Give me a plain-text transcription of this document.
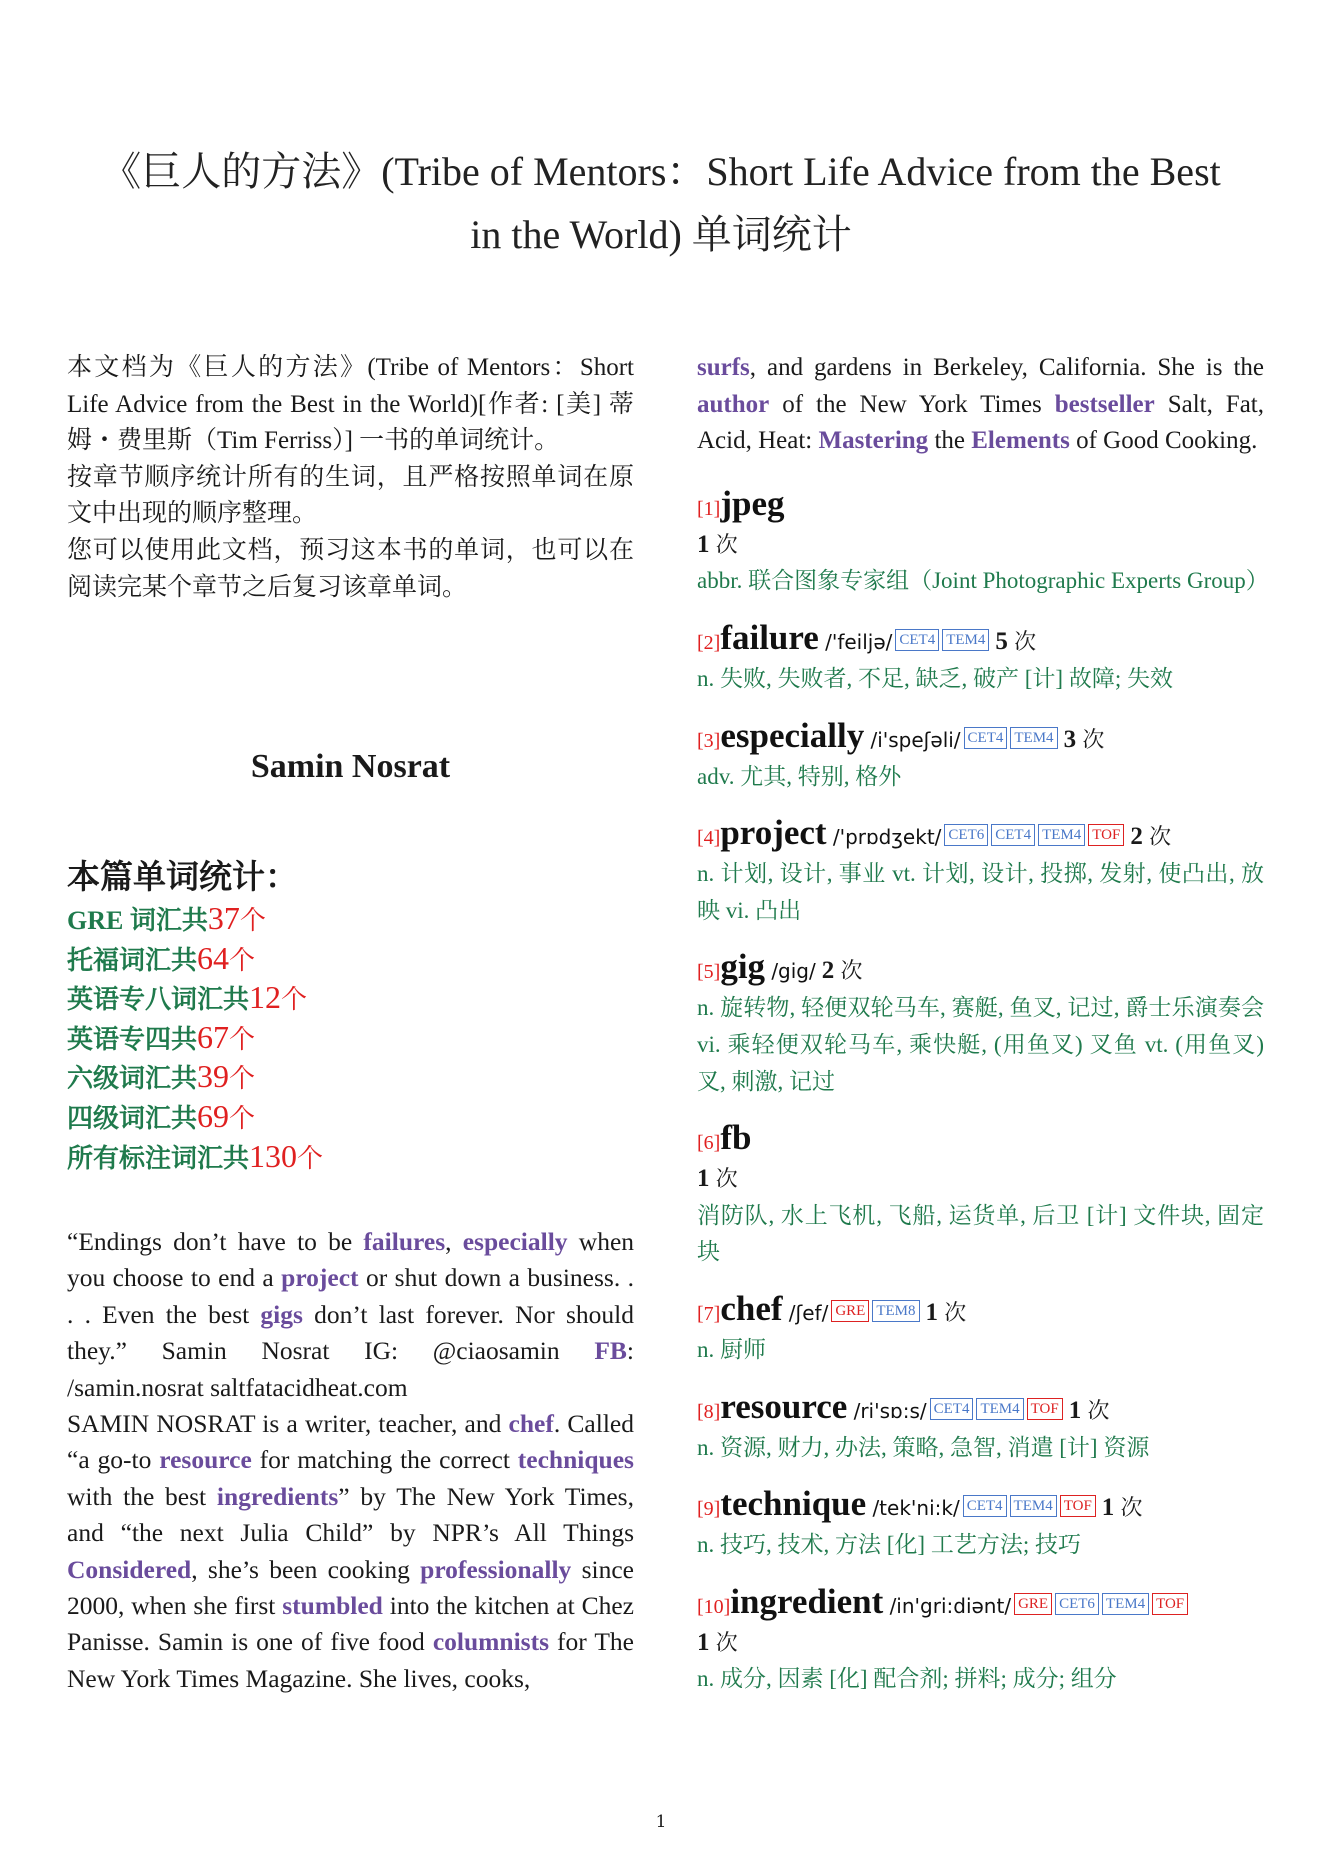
《巨人的方法》(Tribe of Mentors：Short Life Advice from the Best
in the World) 单词统计

本文档为《巨人的方法》(Tribe of Mentors：Short Life Advice from the Best in the World)[作者: [美] 蒂姆・费里斯（Tim Ferriss）] 一书的单词统计。

按章节顺序统计所有的生词，且严格按照单词在原文中出现的顺序整理。

您可以使用此文档，预习这本书的单词，也可以在阅读完某个章节之后复习该章单词。

Samin Nosrat
本篇单词统计：
GRE 词汇共37个
托福词汇共64个
英语专八词汇共12个
英语专四共67个
六级词汇共39个
四级词汇共69个
所有标注词汇共130个

“Endings don’t have to be failures, especially when you choose to end a project or shut down a business. . . . Even the best gigs don’t last forever. Nor should they.” Samin Nosrat IG: @ciaosamin FB: /samin.nosrat saltfatacidheat.com

SAMIN NOSRAT is a writer, teacher, and chef. Called “a go-to resource for matching the correct techniques with the best ingredients” by The New York Times, and “the next Julia Child” by NPR’s All Things Considered, she’s been cooking professionally since 2000, when she first stumbled into the kitchen at Chez Panisse. Samin is one of five food columnists for The New York Times Magazine. She lives, cooks,

surfs, and gardens in Berkeley, California. She is the author of the New York Times bestseller Salt, Fat, Acid, Heat: Mastering the Elements of Good Cooking.
[1]jpeg
1 次
abbr. 联合图象专家组（Joint Photographic Experts Group）
[2]failure /'feiljə/ CET4 TEM4 5 次
n. 失败, 失败者, 不足, 缺乏, 破产 [计] 故障; 失效
[3]especially /i'speʃəli/ CET4 TEM4 3 次
adv. 尤其, 特别, 格外
[4]project /'prɒdʒekt/ CET6 CET4 TEM4 TOF 2 次
n. 计划, 设计, 事业 vt. 计划, 设计, 投掷, 发射, 使凸出, 放映 vi. 凸出
[5]gig /gig/ 2 次
n. 旋转物, 轻便双轮马车, 赛艇, 鱼叉, 记过, 爵士乐演奏会 vi. 乘轻便双轮马车, 乘快艇, (用鱼叉) 叉鱼 vt. (用鱼叉) 叉, 刺激, 记过
[6]fb
1 次
消防队, 水上飞机, 飞船, 运货单, 后卫 [计] 文件块, 固定块
[7]chef /ʃef/ GRE TEM8 1 次
n. 厨师
[8]resource /ri'sɒ:s/ CET4 TEM4 TOF 1 次
n. 资源, 财力, 办法, 策略, 急智, 消遣 [计] 资源
[9]technique /tek'ni:k/ CET4 TEM4 TOF 1 次
n. 技巧, 技术, 方法 [化] 工艺方法; 技巧
[10]ingredient /in'gri:diənt/ GRE CET6 TEM4 TOF
1 次
n. 成分, 因素 [化] 配合剂; 拼料; 成分; 组分
1
